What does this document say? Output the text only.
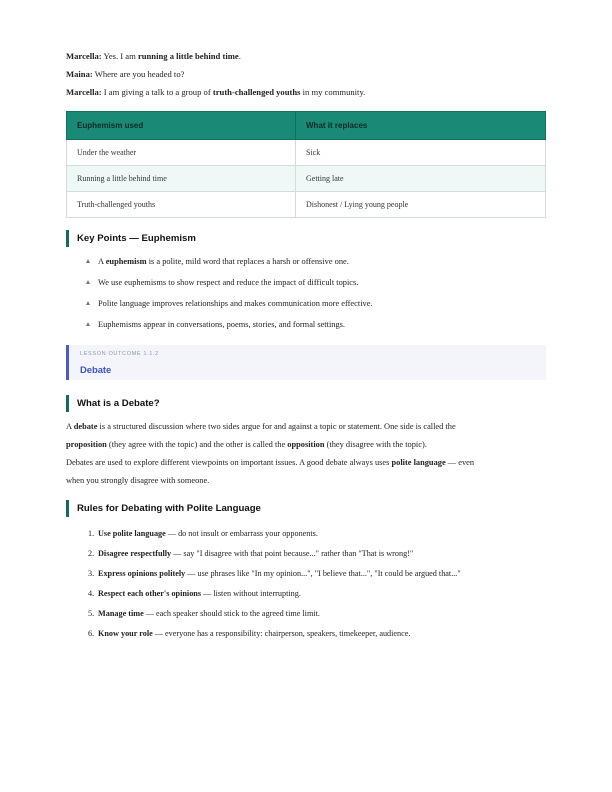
Marcella: Yes. I am running a little behind time.
Maina: Where are you headed to?
Marcella: I am giving a talk to a group of truth-challenged youths in my community.
Euphemism used	What it replaces
Under the weather	Sick
Running a little behind time	Getting late
Truth-challenged youths	Dishonest / Lying young people
Key Points — Euphemism
A euphemism is a polite, mild word that replaces a harsh or offensive one.
We use euphemisms to show respect and reduce the impact of difficult topics.
Polite language improves relationships and makes communication more effective.
Euphemisms appear in conversations, poems, stories, and formal settings.
LESSON OUTCOME 1.1.2
Debate
What is a Debate?
A debate is a structured discussion where two sides argue for and against a topic or statement. One side is called the
proposition (they agree with the topic) and the other is called the opposition (they disagree with the topic).
Debates are used to explore different viewpoints on important issues. A good debate always uses polite language — even
when you strongly disagree with someone.
Rules for Debating with Polite Language
1. Use polite language — do not insult or embarrass your opponents.
2. Disagree respectfully — say "I disagree with that point because..." rather than "That is wrong!"
3. Express opinions politely — use phrases like "In my opinion...", "I believe that...", "It could be argued that..."
4. Respect each other's opinions — listen without interrupting.
5. Manage time — each speaker should stick to the agreed time limit.
6. Know your role — everyone has a responsibility: chairperson, speakers, timekeeper, audience.
